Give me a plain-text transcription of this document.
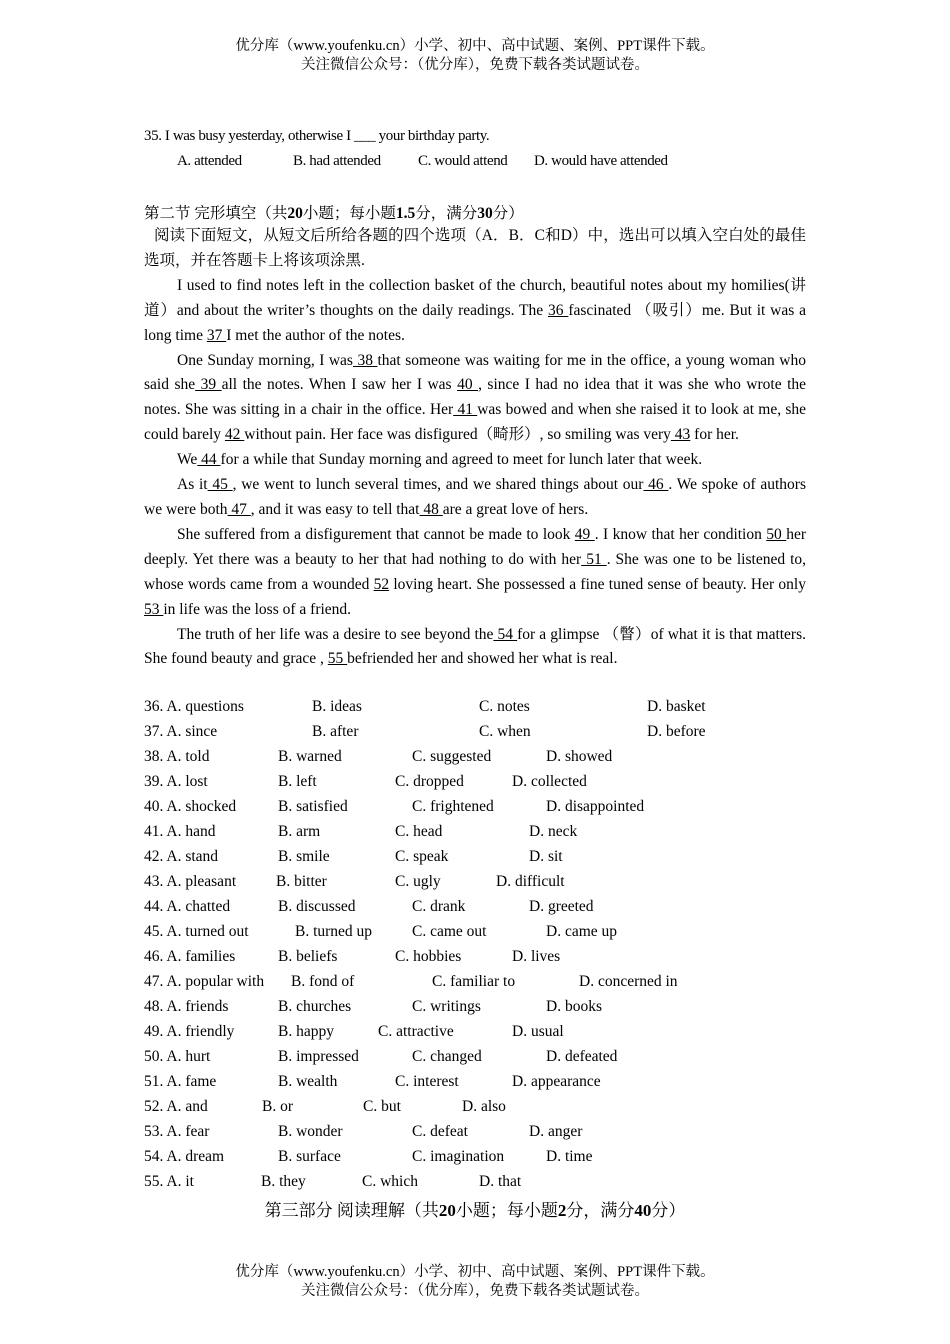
优分库（www.youfenku.cn）小学、初中、高中试题、案例、PPT课件下载。
关注微信公众号：（优分库），免费下载各类试题试卷。
35. I was busy yesterday, otherwise I ___ your birthday party.
A. attended	B. had attended C. would attend D. would have attended
第二节 完形填空（共20小题；每小题1.5分，满分30分）

阅读下面短文，从短文后所给各题的四个选项（A．B．C和D）中，选出可以填入空白处的最佳选项，并在答题卡上将该项涂黑.

I used to find notes left in the collection basket of the church, beautiful notes about my homilies(讲道）and about the writer’s thoughts on the daily readings. The 36 fascinated （吸引）me. But it was a long time 37 I met the author of the notes.

One Sunday morning, I was 38 that someone was waiting for me in the office, a young woman who said she 39 all the notes. When I saw her I was 40 , since I had no idea that it was she who wrote the notes. She was sitting in a chair in the office. Her 41 was bowed and when she raised it to look at me, she could barely 42 without pain. Her face was disfigured（畸形）, so smiling was very 43 for her.

We 44 for a while that Sunday morning and agreed to meet for lunch later that week.

As it 45 , we went to lunch several times, and we shared things about our 46 . We spoke of authors we were both 47 , and it was easy to tell that 48 are a great love of hers.

She suffered from a disfigurement that cannot be made to look 49 . I know that her condition 50 her deeply. Yet there was a beauty to her that had nothing to do with her 51 . She was one to be listened to, whose words came from a wounded 52 loving heart. She possessed a fine tuned sense of beauty. Her only 53 in life was the loss of a friend.

The truth of her life was a desire to see beyond the 54 for a glimpse （瞥）of what it is that matters. She found beauty and grace , 55 befriended her and showed her what is real.

36. A. questions	B. ideas	C. notes	D. basket
37. A. since	B. after	C. when	D. before
38. A. told	B. warned	C. suggested	D. showed
39. A. lost	B. left	C. dropped	D. collected
40. A. shocked	B. satisfied	C. frightened	D. disappointed
41. A. hand	B. arm	C. head	D. neck
42. A. stand	B. smile	C. speak	D. sit
43. A. pleasant	B. bitter	C. ugly	D. difficult
44. A. chatted	B. discussed	C. drank	D. greeted
45. A. turned out	B. turned up	C. came out	D. came up
46. A. families	B. beliefs	C. hobbies	D. lives
47. A. popular with B. fond of	C. familiar to	D. concerned in
48. A. friends	B. churches	C. writings	D. books
49. A. friendly	B. happy	C. attractive	D. usual
50. A. hurt	B. impressed	C. changed	D. defeated
51. A. fame	B. wealth	C. interest	D. appearance
52. A. and	B. or	C. but	D. also
53. A. fear	B. wonder	C. defeat	D. anger
54. A. dream	B. surface	C. imagination	D. time
55. A. it	B. they	C. which	D. that
第三部分 阅读理解（共20小题；每小题2分，满分40分）
优分库（www.youfenku.cn）小学、初中、高中试题、案例、PPT课件下载。
关注微信公众号：（优分库），免费下载各类试题试卷。
